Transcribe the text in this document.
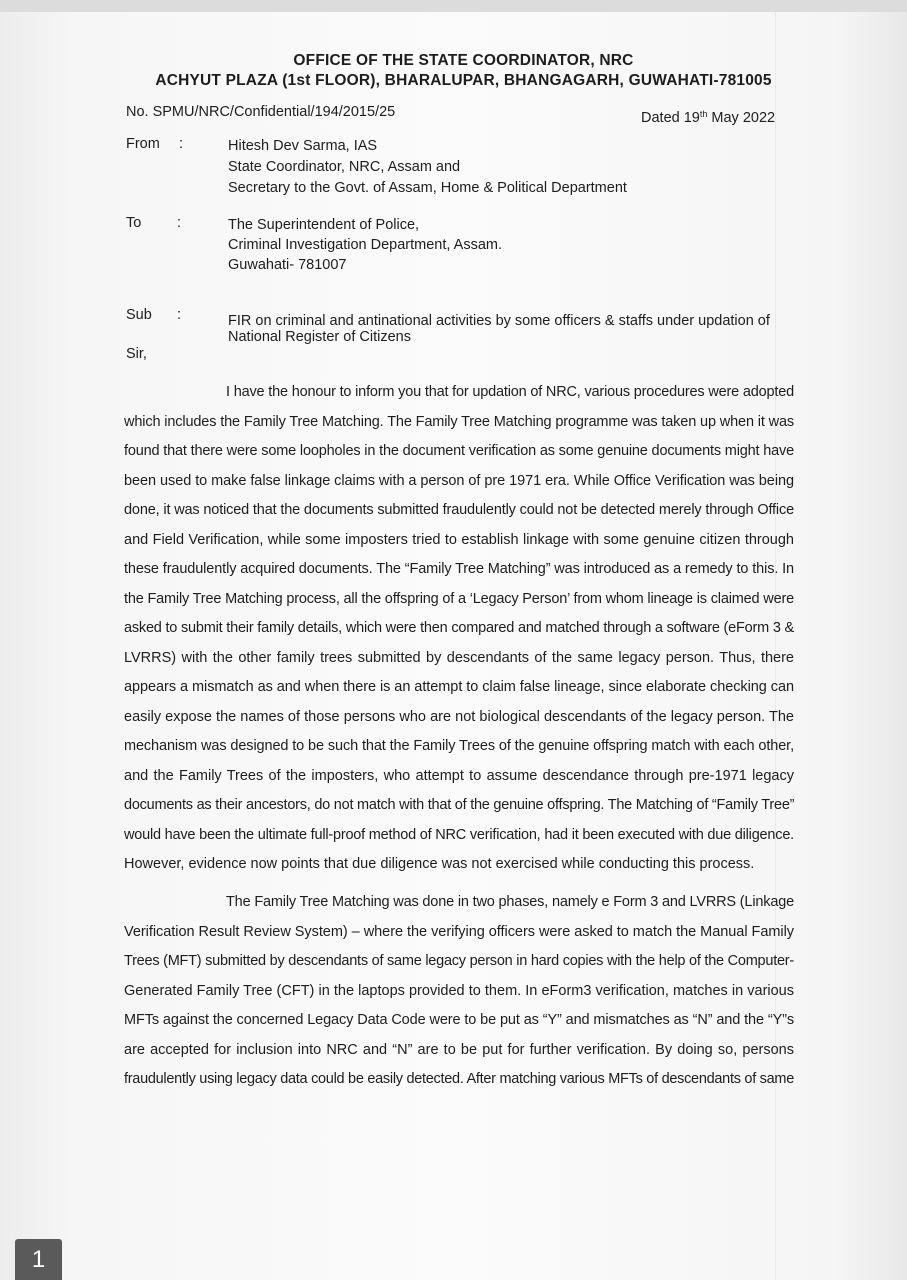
OFFICE OF THE STATE COORDINATOR, NRC
ACHYUT PLAZA (1st FLOOR), BHARALUPAR, BHANGAGARH, GUWAHATI-781005
No. SPMU/NRC/Confidential/194/2015/25	Dated 19th May 2022
From :	Hitesh Dev Sarma, IAS
State Coordinator, NRC, Assam and
Secretary to the Govt. of Assam, Home & Political Department
To :	The Superintendent of Police,
Criminal Investigation Department, Assam.
Guwahati- 781007
Sub :	FIR on criminal and antinational activities by some officers & staffs under updation of
National Register of Citizens
Sir,
I have the honour to inform you that for updation of NRC, various procedures were adopted
which includes the Family Tree Matching. The Family Tree Matching programme was taken up when it was
found that there were some loopholes in the document verification as some genuine documents might have
been used to make false linkage claims with a person of pre 1971 era. While Office Verification was being
done, it was noticed that the documents submitted fraudulently could not be detected merely through Office
and Field Verification, while some imposters tried to establish linkage with some genuine citizen through
these fraudulently acquired documents. The “Family Tree Matching” was introduced as a remedy to this. In
the Family Tree Matching process, all the offspring of a ‘Legacy Person’ from whom lineage is claimed were
asked to submit their family details, which were then compared and matched through a software (eForm 3 &
LVRRS) with the other family trees submitted by descendants of the same legacy person. Thus, there
appears a mismatch as and when there is an attempt to claim false lineage, since elaborate checking can
easily expose the names of those persons who are not biological descendants of the legacy person. The
mechanism was designed to be such that the Family Trees of the genuine offspring match with each other,
and the Family Trees of the imposters, who attempt to assume descendance through pre-1971 legacy
documents as their ancestors, do not match with that of the genuine offspring. The Matching of “Family Tree”
would have been the ultimate full-proof method of NRC verification, had it been executed with due diligence.
However, evidence now points that due diligence was not exercised while conducting this process.
The Family Tree Matching was done in two phases, namely e Form 3 and LVRRS (Linkage
Verification Result Review System) – where the verifying officers were asked to match the Manual Family
Trees (MFT) submitted by descendants of same legacy person in hard copies with the help of the Computer-
Generated Family Tree (CFT) in the laptops provided to them. In eForm3 verification, matches in various
MFTs against the concerned Legacy Data Code were to be put as “Y” and mismatches as “N” and the “Y”s
are accepted for inclusion into NRC and “N” are to be put for further verification. By doing so, persons
fraudulently using legacy data could be easily detected. After matching various MFTs of descendants of same
1
